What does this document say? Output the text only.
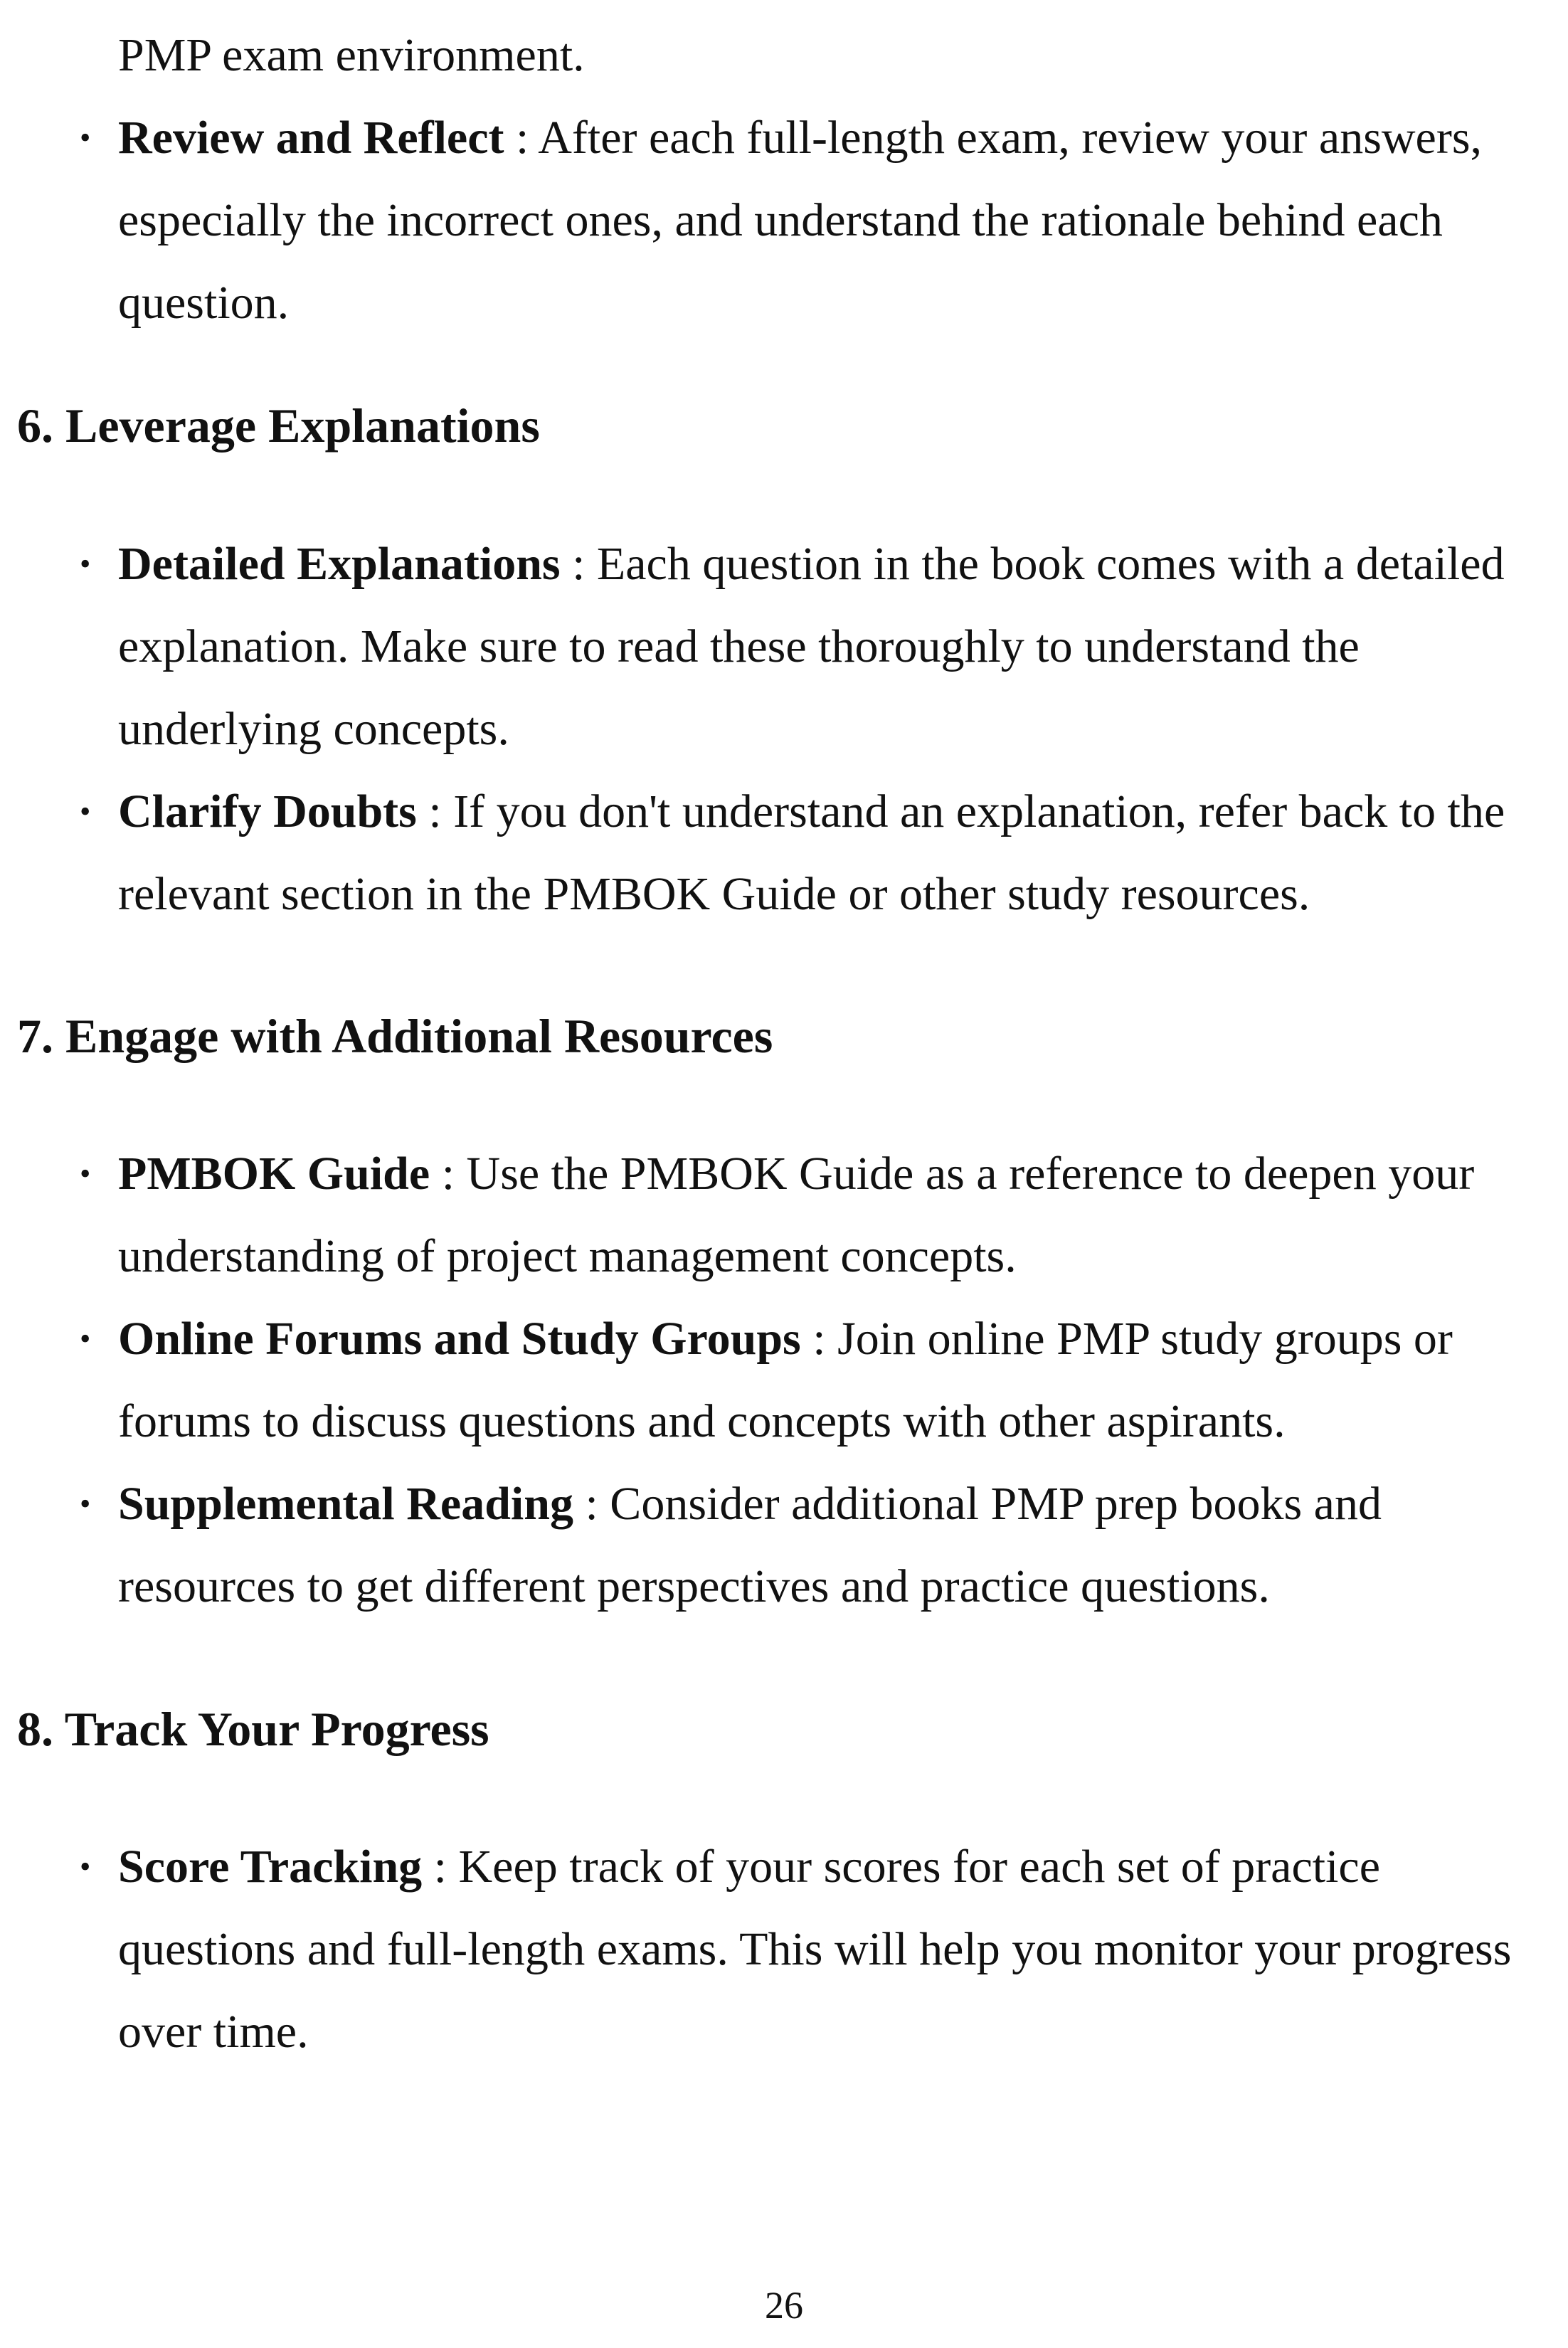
PMP exam environment.

• Review and Reflect : After each full-length exam, review your answers, especially the incorrect ones, and understand the rationale behind each question.
6. Leverage Explanations
• Detailed Explanations : Each question in the book comes with a detailed explanation. Make sure to read these thoroughly to understand the underlying concepts.
• Clarify Doubts : If you don't understand an explanation, refer back to the relevant section in the PMBOK Guide or other study resources.
7. Engage with Additional Resources
• PMBOK Guide : Use the PMBOK Guide as a reference to deepen your understanding of project management concepts.
• Online Forums and Study Groups : Join online PMP study groups or forums to discuss questions and concepts with other aspirants.
• Supplemental Reading : Consider additional PMP prep books and resources to get different perspectives and practice questions.
8. Track Your Progress
• Score Tracking : Keep track of your scores for each set of practice questions and full-length exams. This will help you monitor your progress over time.
26
